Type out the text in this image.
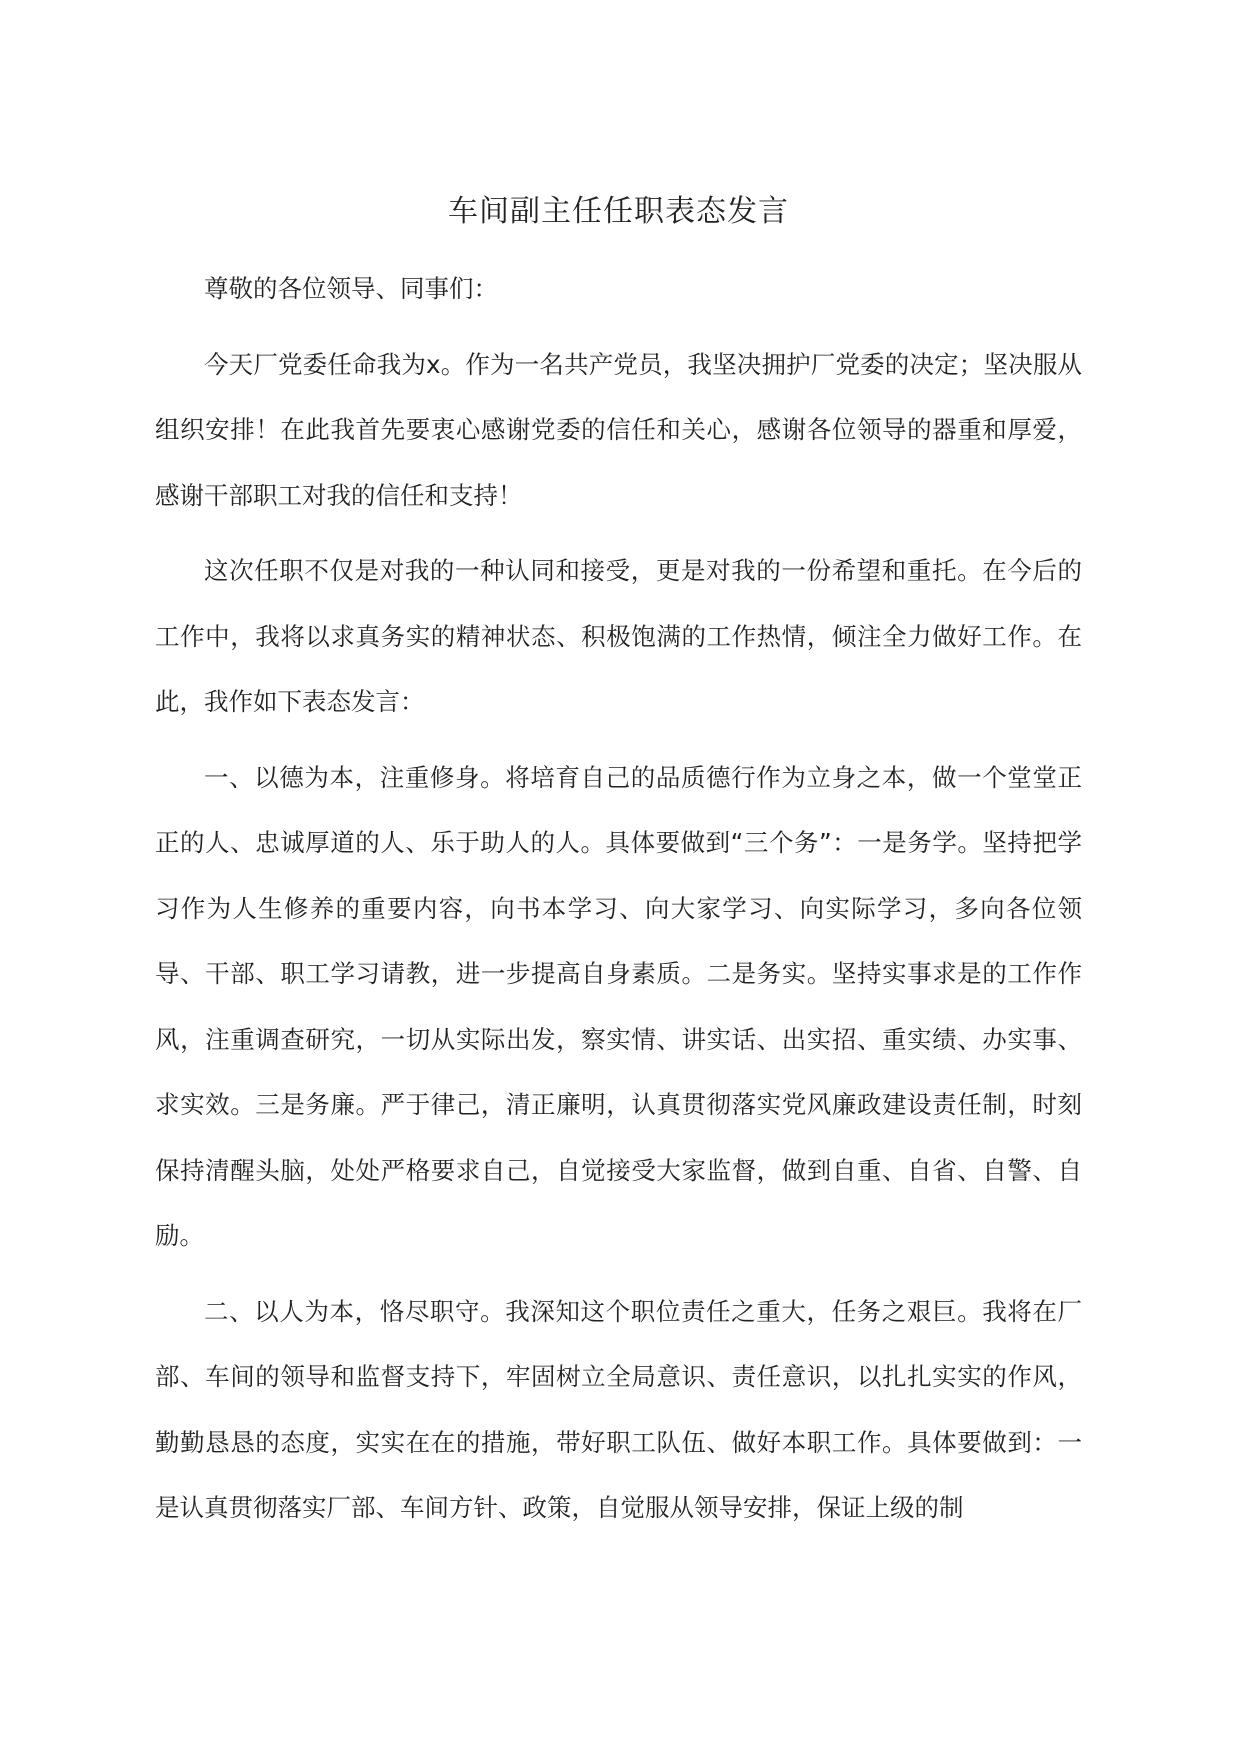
车间副主任任职表态发言

尊敬的各位领导、同事们：

今天厂党委任命我为x。作为一名共产党员，我坚决拥护厂党委的决定；坚决服从组织安排！在此我首先要衷心感谢党委的信任和关心，感谢各位领导的器重和厚爱，感谢干部职工对我的信任和支持！

这次任职不仅是对我的一种认同和接受，更是对我的一份希望和重托。在今后的工作中，我将以求真务实的精神状态、积极饱满的工作热情，倾注全力做好工作。在此，我作如下表态发言：

一、以德为本，注重修身。将培育自己的品质德行作为立身之本，做一个堂堂正正的人、忠诚厚道的人、乐于助人的人。具体要做到“三个务”：一是务学。坚持把学习作为人生修养的重要内容，向书本学习、向大家学习、向实际学习，多向各位领导、干部、职工学习请教，进一步提高自身素质。二是务实。坚持实事求是的工作作风，注重调查研究，一切从实际出发，察实情、讲实话、出实招、重实绩、办实事、求实效。三是务廉。严于律己，清正廉明，认真贯彻落实党风廉政建设责任制，时刻保持清醒头脑，处处严格要求自己，自觉接受大家监督，做到自重、自省、自警、自励。

二、以人为本，恪尽职守。我深知这个职位责任之重大，任务之艰巨。我将在厂部、车间的领导和监督支持下，牢固树立全局意识、责任意识，以扎扎实实的作风，勤勤恳恳的态度，实实在在的措施，带好职工队伍、做好本职工作。具体要做到：一是认真贯彻落实厂部、车间方针、政策，自觉服从领导安排，保证上级的制
